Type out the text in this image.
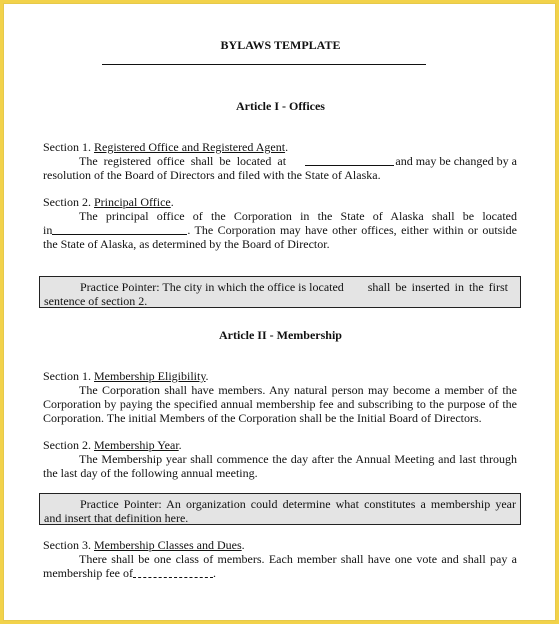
BYLAWS TEMPLATE
Article I - Offices
Section 1. Registered Office and Registered Agent.
The registered office shall be located at	and may be changed by a
resolution of the Board of Directors and filed with the State of Alaska.
Section 2. Principal Office.
The principal office of the Corporation in the State of Alaska shall be located
in	. The Corporation may have other offices, either within or outside
the State of Alaska, as determined by the Board of Director.
Practice Pointer: The city in which the office is located shall be inserted in the first
sentence of section 2.
Article II - Membership
Section 1. Membership Eligibility.
The Corporation shall have members. Any natural person may become a member of the
Corporation by paying the specified annual membership fee and subscribing to the purpose of the
Corporation. The initial Members of the Corporation shall be the Initial Board of Directors.
Section 2. Membership Year.
The Membership year shall commence the day after the Annual Meeting and last through
the last day of the following annual meeting.
Practice Pointer: An organization could determine what constitutes a membership year
and insert that definition here.
Section 3. Membership Classes and Dues.
There shall be one class of members. Each member shall have one vote and shall pay a
membership fee of	.
